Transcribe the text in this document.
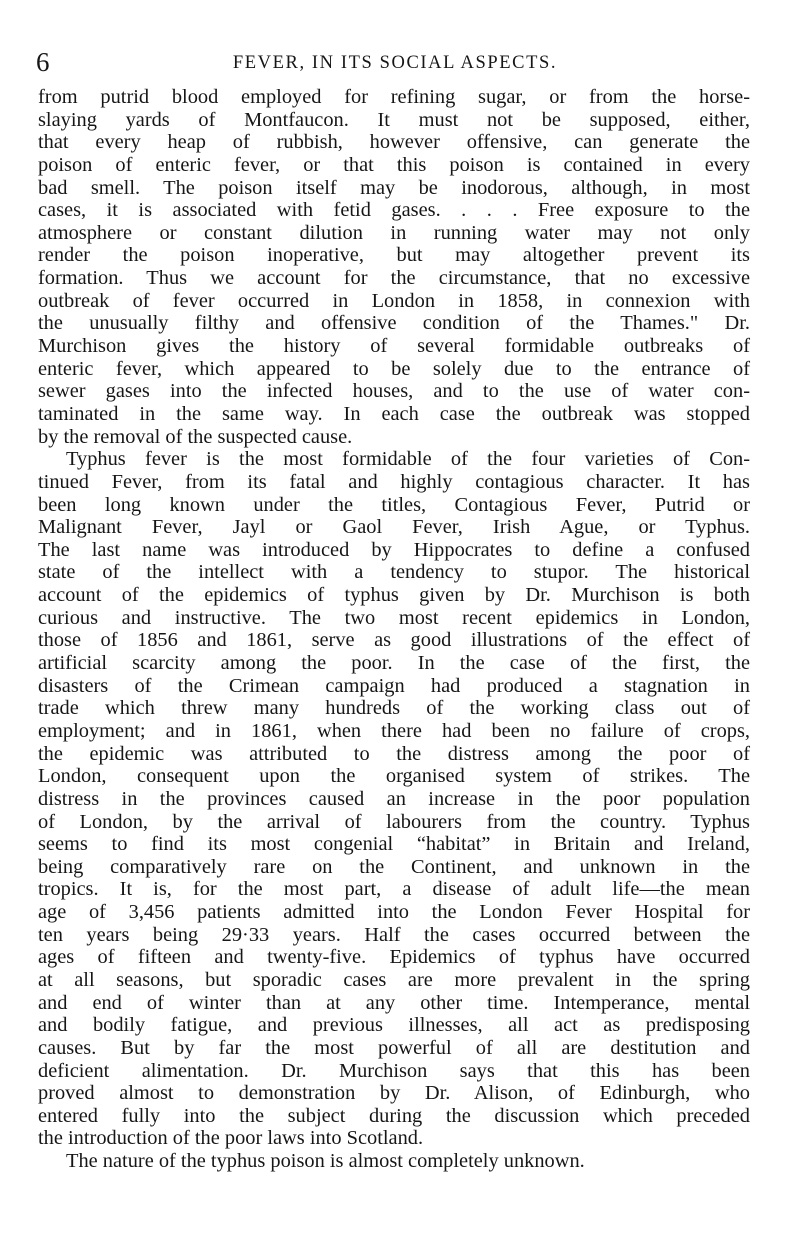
6	FEVER, IN ITS SOCIAL ASPECTS.
from putrid blood employed for refining sugar, or from the horse-
slaying yards of Montfaucon. It must not be supposed, either,
that every heap of rubbish, however offensive, can generate the
poison of enteric fever, or that this poison is contained in every
bad smell. The poison itself may be inodorous, although, in most
cases, it is associated with fetid gases. . . . Free exposure to the
atmosphere or constant dilution in running water may not only
render the poison inoperative, but may altogether prevent its
formation. Thus we account for the circumstance, that no excessive
outbreak of fever occurred in London in 1858, in connexion with
the unusually filthy and offensive condition of the Thames." Dr.
Murchison gives the history of several formidable outbreaks of
enteric fever, which appeared to be solely due to the entrance of
sewer gases into the infected houses, and to the use of water con-
taminated in the same way. In each case the outbreak was stopped
by the removal of the suspected cause.
Typhus fever is the most formidable of the four varieties of Con-
tinued Fever, from its fatal and highly contagious character. It has
been long known under the titles, Contagious Fever, Putrid or
Malignant Fever, Jayl or Gaol Fever, Irish Ague, or Typhus.
The last name was introduced by Hippocrates to define a confused
state of the intellect with a tendency to stupor. The historical
account of the epidemics of typhus given by Dr. Murchison is both
curious and instructive. The two most recent epidemics in London,
those of 1856 and 1861, serve as good illustrations of the effect of
artificial scarcity among the poor. In the case of the first, the
disasters of the Crimean campaign had produced a stagnation in
trade which threw many hundreds of the working class out of
employment; and in 1861, when there had been no failure of crops,
the epidemic was attributed to the distress among the poor of
London, consequent upon the organised system of strikes. The
distress in the provinces caused an increase in the poor population
of London, by the arrival of labourers from the country. Typhus
seems to find its most congenial “habitat” in Britain and Ireland,
being comparatively rare on the Continent, and unknown in the
tropics. It is, for the most part, a disease of adult life—the mean
age of 3,456 patients admitted into the London Fever Hospital for
ten years being 29·33 years. Half the cases occurred between the
ages of fifteen and twenty-five. Epidemics of typhus have occurred
at all seasons, but sporadic cases are more prevalent in the spring
and end of winter than at any other time. Intemperance, mental
and bodily fatigue, and previous illnesses, all act as predisposing
causes. But by far the most powerful of all are destitution and
deficient alimentation. Dr. Murchison says that this has been
proved almost to demonstration by Dr. Alison, of Edinburgh, who
entered fully into the subject during the discussion which preceded
the introduction of the poor laws into Scotland.
The nature of the typhus poison is almost completely unknown.
